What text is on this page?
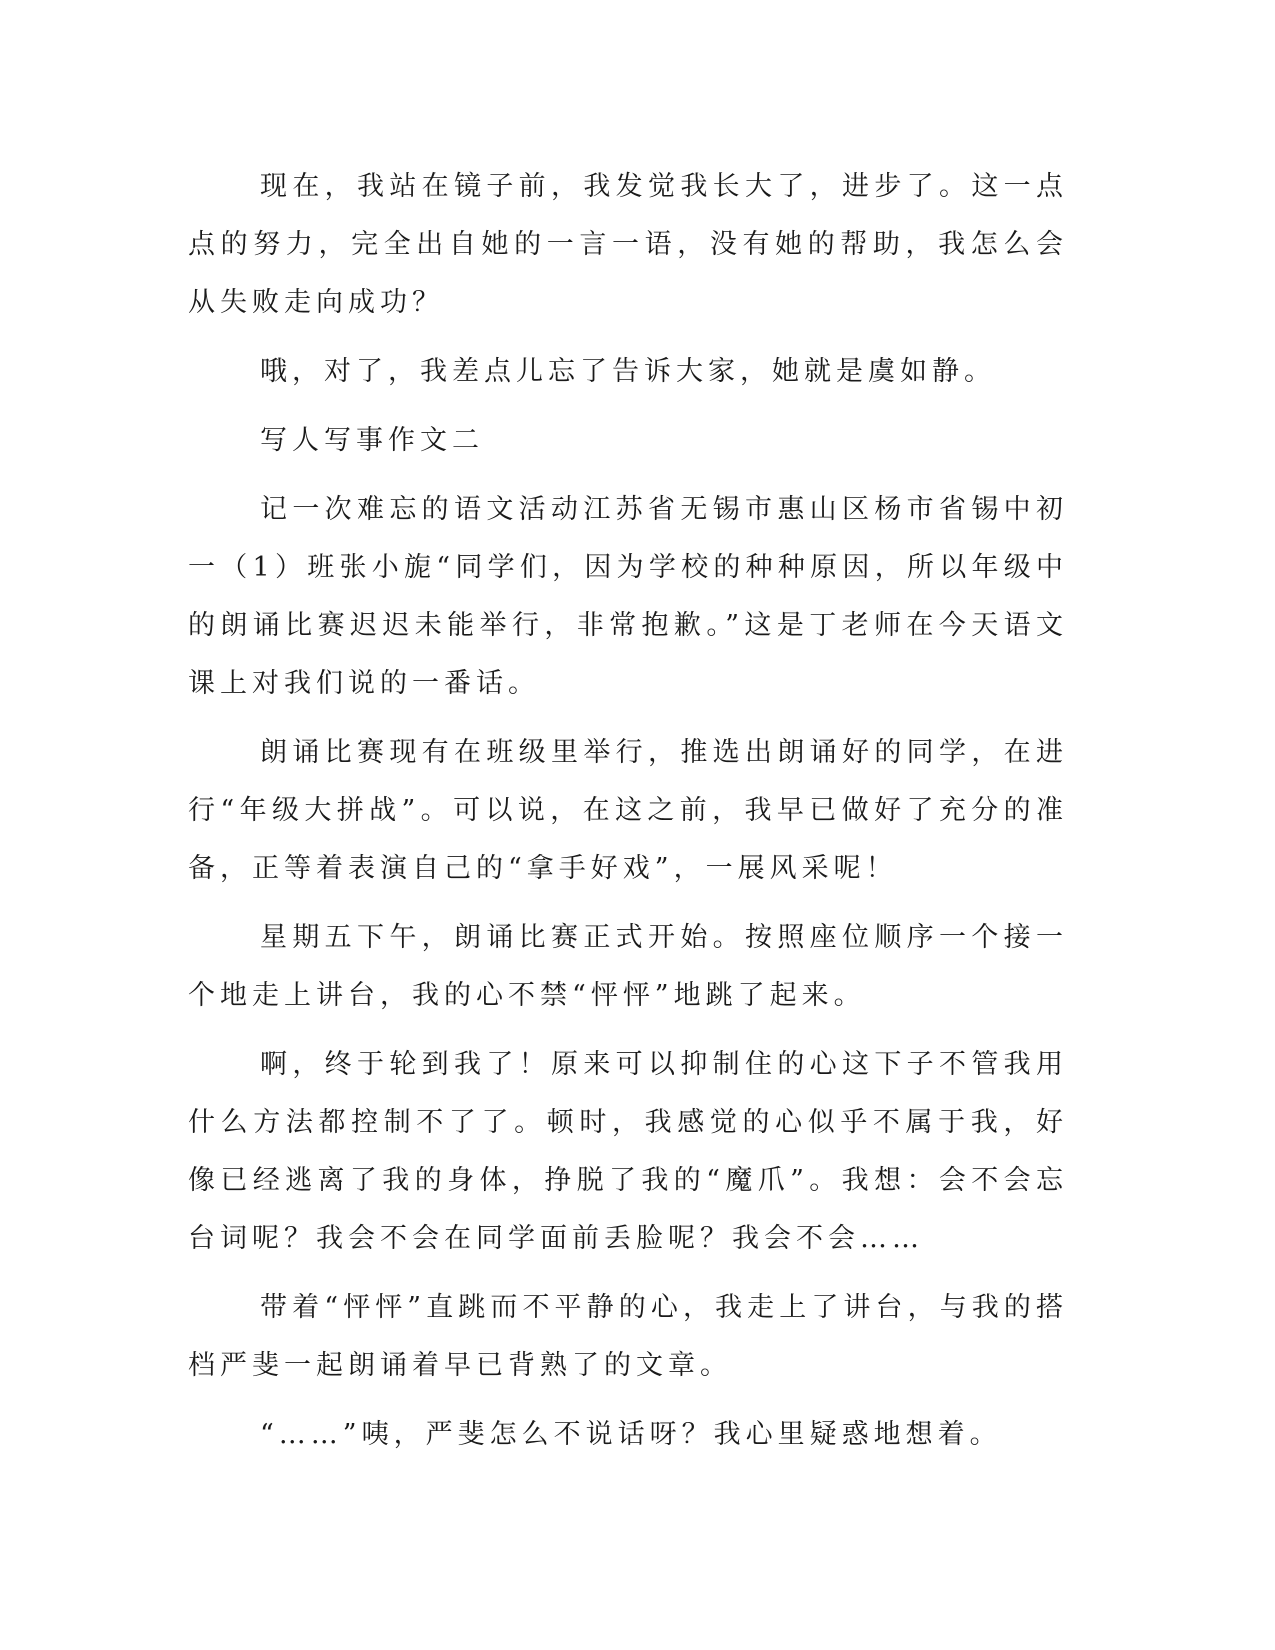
现在，我站在镜子前，我发觉我长大了，进步了。这一点点的努力，完全出自她的一言一语，没有她的帮助，我怎么会从失败走向成功？

哦，对了，我差点儿忘了告诉大家，她就是虞如静。

写人写事作文二

记一次难忘的语文活动江苏省无锡市惠山区杨市省锡中初一（1）班张小旎“同学们，因为学校的种种原因，所以年级中的朗诵比赛迟迟未能举行，非常抱歉。”这是丁老师在今天语文课上对我们说的一番话。

朗诵比赛现有在班级里举行，推选出朗诵好的同学，在进行“年级大拼战”。可以说，在这之前，我早已做好了充分的准备，正等着表演自己的“拿手好戏”，一展风采呢！

星期五下午，朗诵比赛正式开始。按照座位顺序一个接一个地走上讲台，我的心不禁“怦怦”地跳了起来。

啊，终于轮到我了！原来可以抑制住的心这下子不管我用什么方法都控制不了了。顿时，我感觉的心似乎不属于我，好像已经逃离了我的身体，挣脱了我的“魔爪”。我想：会不会忘台词呢？我会不会在同学面前丢脸呢？我会不会……

带着“怦怦”直跳而不平静的心，我走上了讲台，与我的搭档严斐一起朗诵着早已背熟了的文章。

“……”咦，严斐怎么不说话呀？我心里疑惑地想着。
